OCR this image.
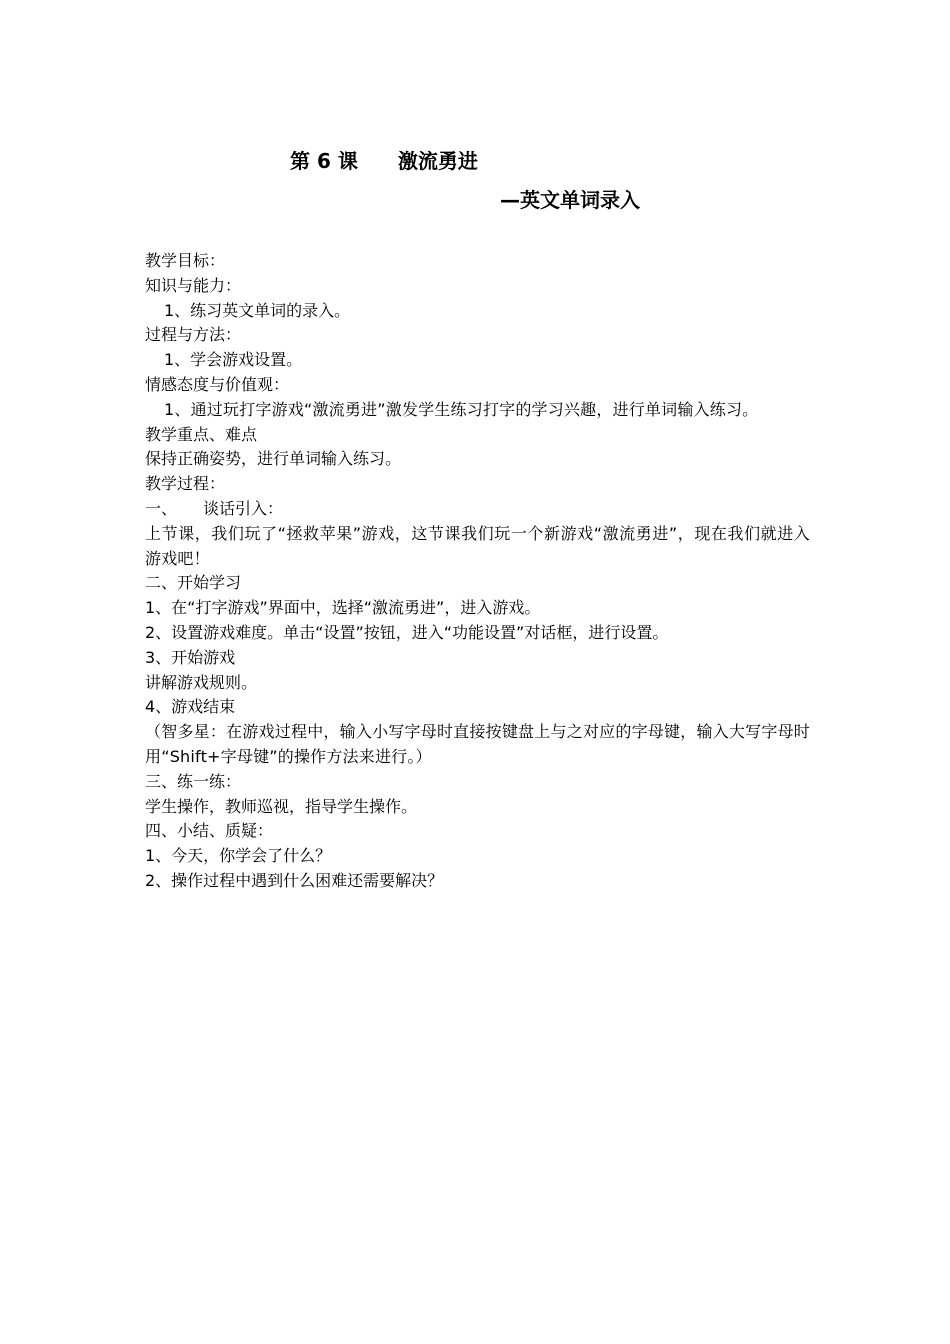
第 6 课 激流勇进
—英文单词录入

教学目标：

知识与能力：

1、练习英文单词的录入。

过程与方法：

1、学会游戏设置。

情感态度与价值观：

1、通过玩打字游戏“激流勇进”激发学生练习打字的学习兴趣，进行单词输入练习。

教学重点、难点

保持正确姿势，进行单词输入练习。

教学过程：

一、 谈话引入：

上节课，我们玩了“拯救苹果”游戏，这节课我们玩一个新游戏“激流勇进”，现在我们就进入游戏吧！

二、开始学习

1、在“打字游戏”界面中，选择“激流勇进”，进入游戏。

2、设置游戏难度。单击“设置”按钮，进入“功能设置”对话框，进行设置。

3、开始游戏

讲解游戏规则。

4、游戏结束

（智多星：在游戏过程中，输入小写字母时直接按键盘上与之对应的字母键，输入大写字母时用“Shift+字母键”的操作方法来进行。）

三、练一练：

学生操作，教师巡视，指导学生操作。

四、小结、质疑：

1、今天，你学会了什么？

2、操作过程中遇到什么困难还需要解决？
